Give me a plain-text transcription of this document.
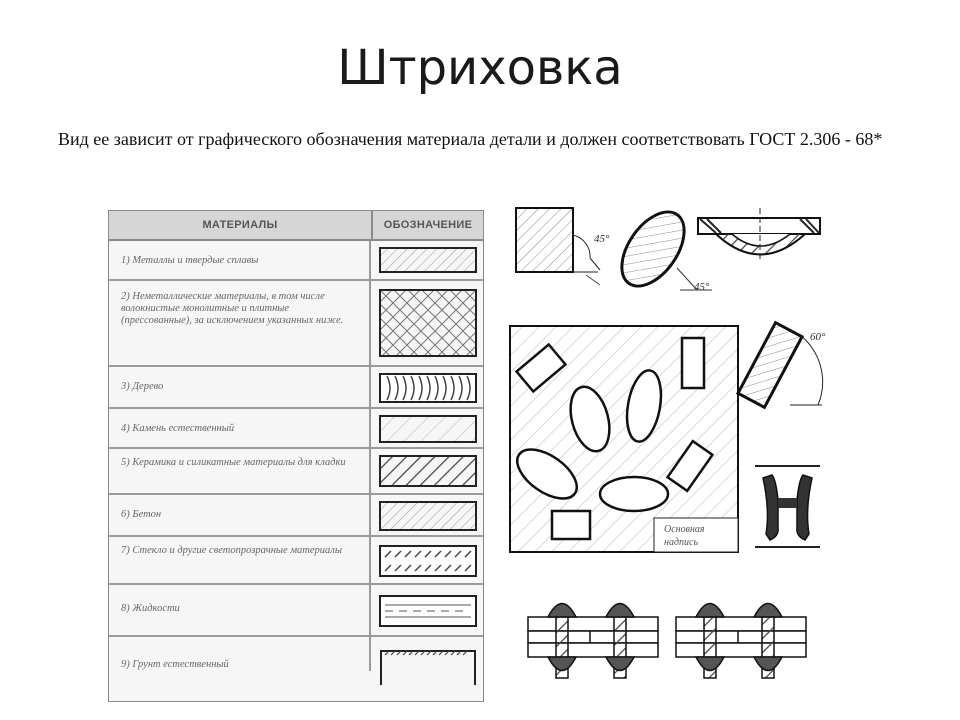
Штриховка
Вид ее зависит от графического обозначения материала детали и должен соответствовать ГОСТ 2.306 - 68*
МАТЕРИАЛЫ	ОБОЗНАЧЕНИЕ
1) Металлы и твердые сплавы
2) Неметаллические материалы, в том числе волокнистые монолитные и плитные (прессованные), за исключением указанных ниже.
3) Дерево
4) Камень естественный
5) Керамика и силикатные материалы для кладки
6) Бетон
7) Стекло и другие светопрозрачные материалы
8) Жидкости
9) Грунт естественный
45°
45°
Основная
надпись
60°
